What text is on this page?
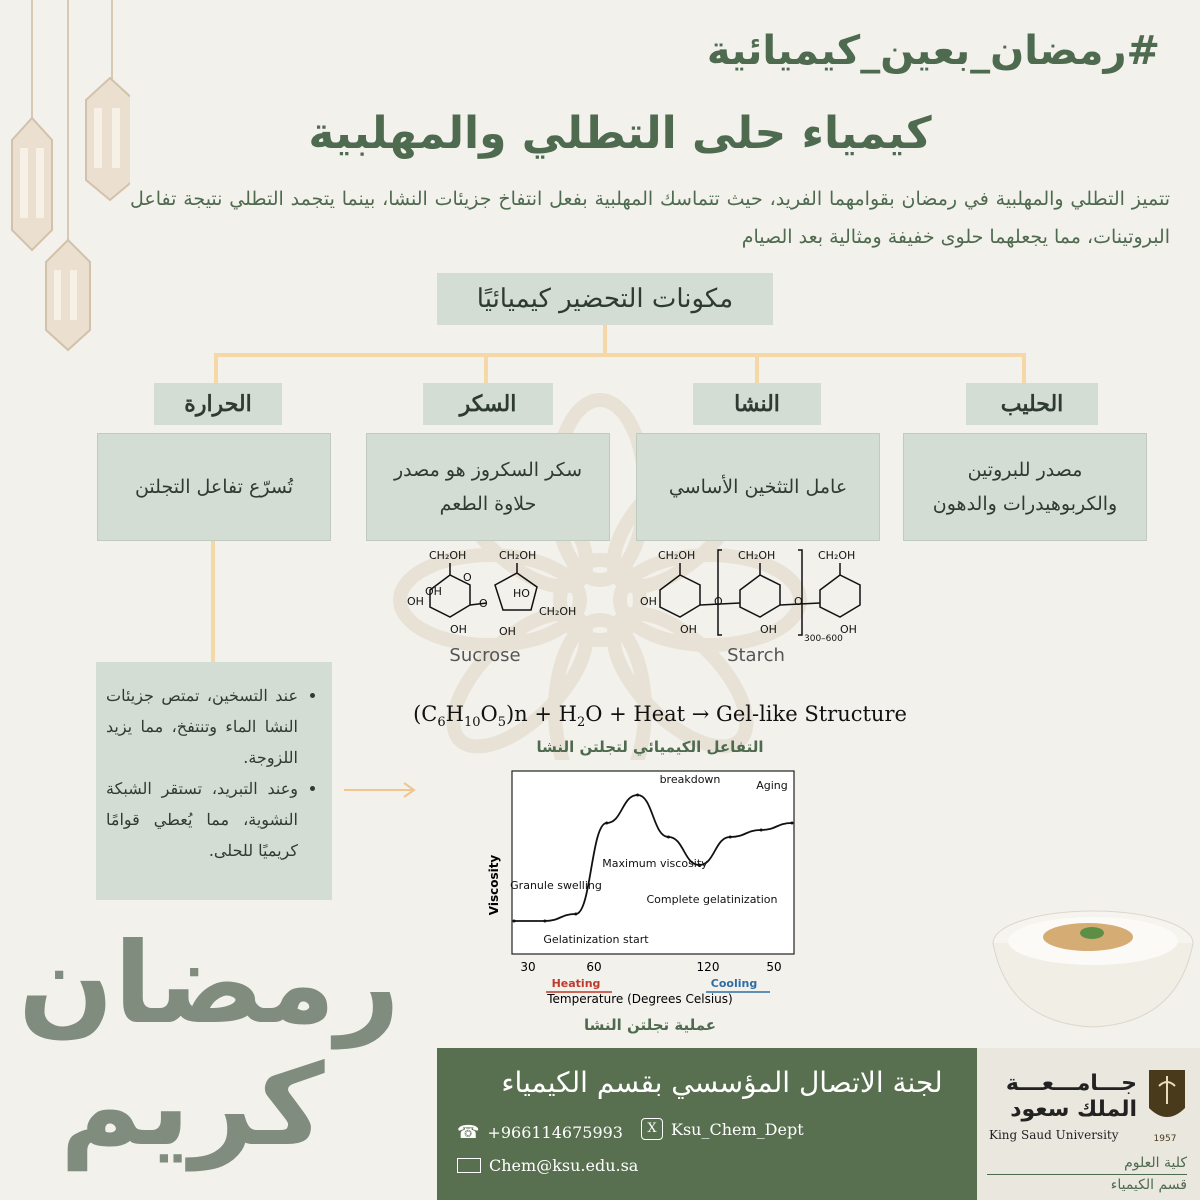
#رمضان_بعين_كيميائية
كيمياء حلى التطلي والمهلبية
تتميز التطلي والمهلبية في رمضان بقوامهما الفريد، حيث تتماسك المهلبية بفعل انتفاخ جزيئات النشا، بينما يتجمد التطلي نتيجة تفاعل البروتينات، مما يجعلهما حلوى خفيفة ومثالية بعد الصيام
مكونات التحضير كيميائيًا
الحليب
النشا
السكر
الحرارة
مصدر للبروتين والكربوهيدرات والدهون
عامل التثخين الأساسي
سكر السكروز هو مصدر حلاوة الطعم
تُسرّع تفاعل التجلتن
• عند التسخين، تمتص جزيئات النشا الماء وتنتفخ، مما يزيد اللزوجة.
• وعند التبريد، تستقر الشبكة النشوية، مما يُعطي قوامًا كريميًا للحلى.
CH₂OH
O
OH
OH
OH
O
CH₂OH
HO
OH
CH₂OH
Sucrose
CH₂OH	CH₂OH	CH₂OH
OH
OH	OH	OH
O	O
300–600
Starch
$(C_6H_{10}O_5)n + H_2O$ + Heat → Gel-like Structure
التفاعل الكيميائي لتجلتن النشا
Viscosity
Temperature (Degrees Celsius)
30	60	120	50
Heating	Cooling
Granule swelling
Gelatinization start
Maximum viscosity
breakdown
Complete gelatinization
Aging
عملية تجلتن النشا
رمضان
كريم	لجنة الاتصال المؤسسي بقسم الكيمياء
☎ +966114675993	X Ksu_Chem_Dept
Chem@ksu.edu.sa
1957
جـــامـــعـــة
الملك سعود
King Saud University
كلية العلوم
قسم الكيمياء
